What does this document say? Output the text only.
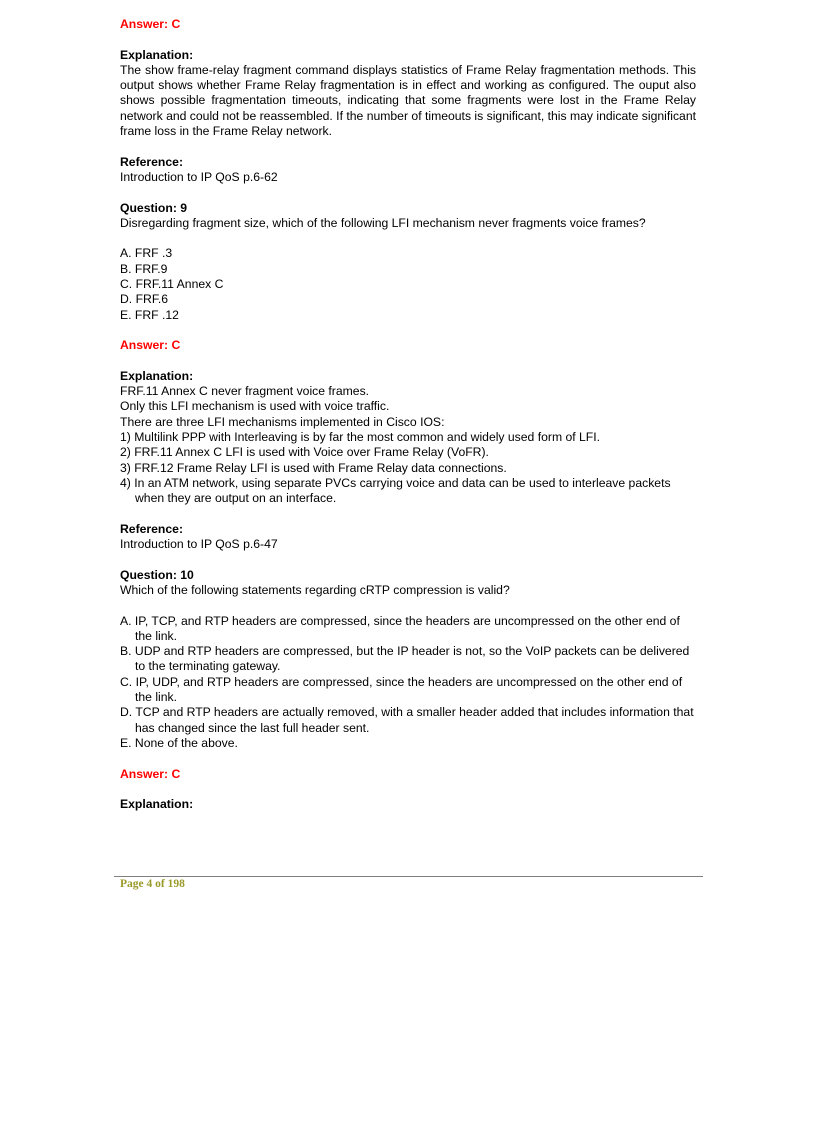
Answer: C
Explanation:
The show frame-relay fragment command displays statistics of Frame Relay fragmentation methods. This output shows whether Frame Relay fragmentation is in effect and working as configured. The ouput also shows possible fragmentation timeouts, indicating that some fragments were lost in the Frame Relay network and could not be reassembled. If the number of timeouts is significant, this may indicate significant frame loss in the Frame Relay network.
Reference:
Introduction to IP QoS p.6-62
Question: 9
Disregarding fragment size, which of the following LFI mechanism never fragments voice frames?
A. FRF .3
B. FRF.9
C. FRF.11 Annex C
D. FRF.6
E. FRF .12
Answer: C
Explanation:
FRF.11 Annex C never fragment voice frames.
Only this LFI mechanism is used with voice traffic.
There are three LFI mechanisms implemented in Cisco IOS:
1) Multilink PPP with Interleaving is by far the most common and widely used form of LFI.
2) FRF.11 Annex C LFI is used with Voice over Frame Relay (VoFR).
3) FRF.12 Frame Relay LFI is used with Frame Relay data connections.
4) In an ATM network, using separate PVCs carrying voice and data can be used to interleave packets when they are output on an interface.
Reference:
Introduction to IP QoS p.6-47
Question: 10
Which of the following statements regarding cRTP compression is valid?
A. IP, TCP, and RTP headers are compressed, since the headers are uncompressed on the other end of the link.
B. UDP and RTP headers are compressed, but the IP header is not, so the VoIP packets can be delivered to the terminating gateway.
C. IP, UDP, and RTP headers are compressed, since the headers are uncompressed on the other end of the link.
D. TCP and RTP headers are actually removed, with a smaller header added that includes information that has changed since the last full header sent.
E. None of the above.
Answer: C
Explanation:
Page 4 of 198
